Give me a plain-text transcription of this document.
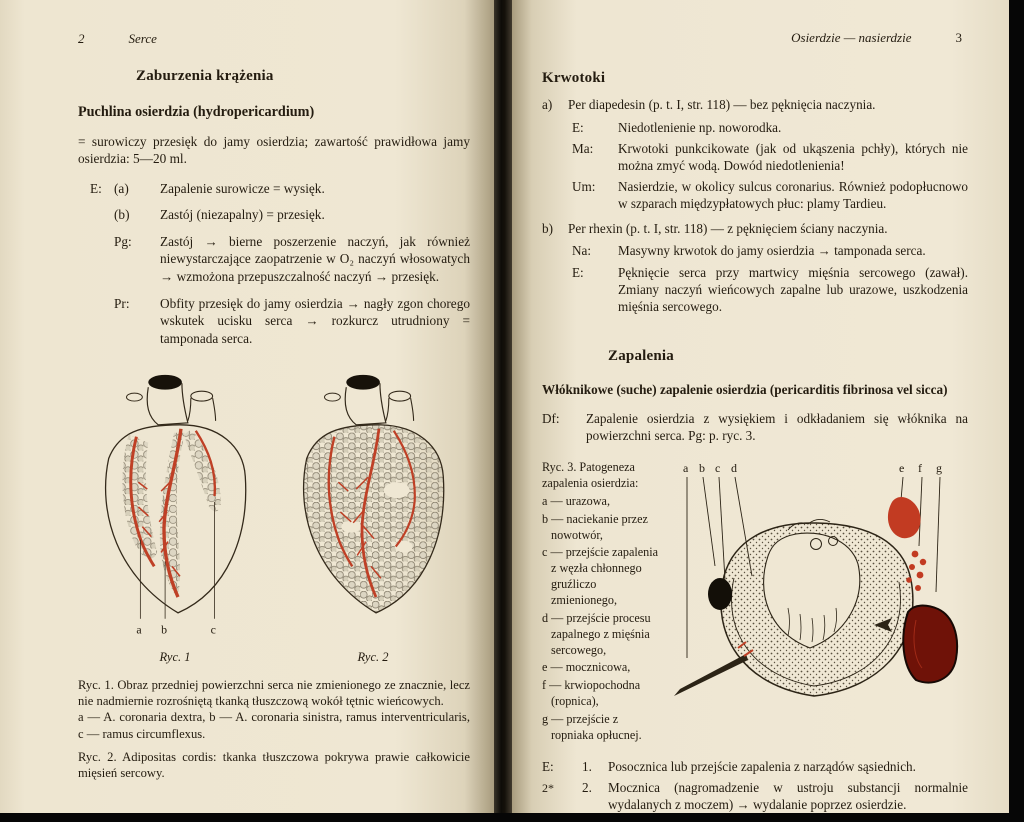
2	Serce
Zaburzenia krążenia
Puchlina osierdzia (hydropericardium)

= surowiczy przesięk do jamy osierdzia; zawartość prawidłowa jamy osierdzia: 5—20 ml.

E: (a)	Zapalenie surowicze = wysięk.
(b)	Zastój (niezapalny) = przesięk.
Pg:	Zastój → bierne poszerzenie naczyń, jak również niewystarczające zaopatrzenie w O₂ naczyń włosowatych → wzmożona przepuszczalność naczyń → przesięk.
Pr:	Obfity przesięk do jamy osierdzia → nagły zgon chorego wskutek ucisku serca → rozkurcz utrudniony = tamponada serca.
a b	c
Ryc. 1	Ryc. 2

Ryc. 1. Obraz przedniej powierzchni serca nie zmienionego ze znacznie, lecz nie nadmiernie rozrośniętą tkanką tłuszczową wokół tętnic wieńcowych.

a — A. coronaria dextra, b — A. coronaria sinistra, ramus interventricularis, c — ramus circumflexus.

Ryc. 2. Adipositas cordis: tkanka tłuszczowa pokrywa prawie całkowicie mięsień sercowy.

Osierdzie — nasierdzie	3
Krwotoki
a)	Per diapedesin (p. t. I, str. 118) — bez pęknięcia naczynia.
E:	Niedotlenienie np. noworodka.
Ma:	Krwotoki punkcikowate (jak od ukąszenia pchły), których nie można zmyć wodą. Dowód niedotlenienia!
Um:	Nasierdzie, w okolicy sulcus coronarius. Również podopłucnowo w szparach międzypłatowych płuc: plamy Tardieu.
b)	Per rhexin (p. t. I, str. 118) — z pęknięciem ściany naczynia.
Na:	Masywny krwotok do jamy osierdzia → tamponada serca.
E:	Pęknięcie serca przy martwicy mięśnia sercowego (zawał). Zmiany naczyń wieńcowych zapalne lub urazowe, uszkodzenia mięśnia sercowego.
Zapalenia
Włóknikowe (suche) zapalenie osierdzia (pericarditis fibrinosa vel sicca)
Df:	Zapalenie osierdzia z wysiękiem i odkładaniem się włóknika na powierzchni serca. Pg: p. ryc. 3.
Ryc. 3. Patogeneza zapalenia osierdzia:
a — urazowa,
b — naciekanie przez nowotwór,
c — przejście zapalenia z węzła chłonnego gruźliczo zmienionego,
d — przejście procesu zapalnego z mięśnia sercowego,
e — mocznicowa,
f — krwiopochodna (ropnica),
g — przejście z ropniaka opłucnej.
a b c d	e f g
E:	1.	Posocznica lub przejście zapalenia z narządów sąsiednich.
2.	Mocznica (nagromadzenie w ustroju substancji normalnie wydalanych z moczem) → wydalanie poprzez osierdzie.
2*
